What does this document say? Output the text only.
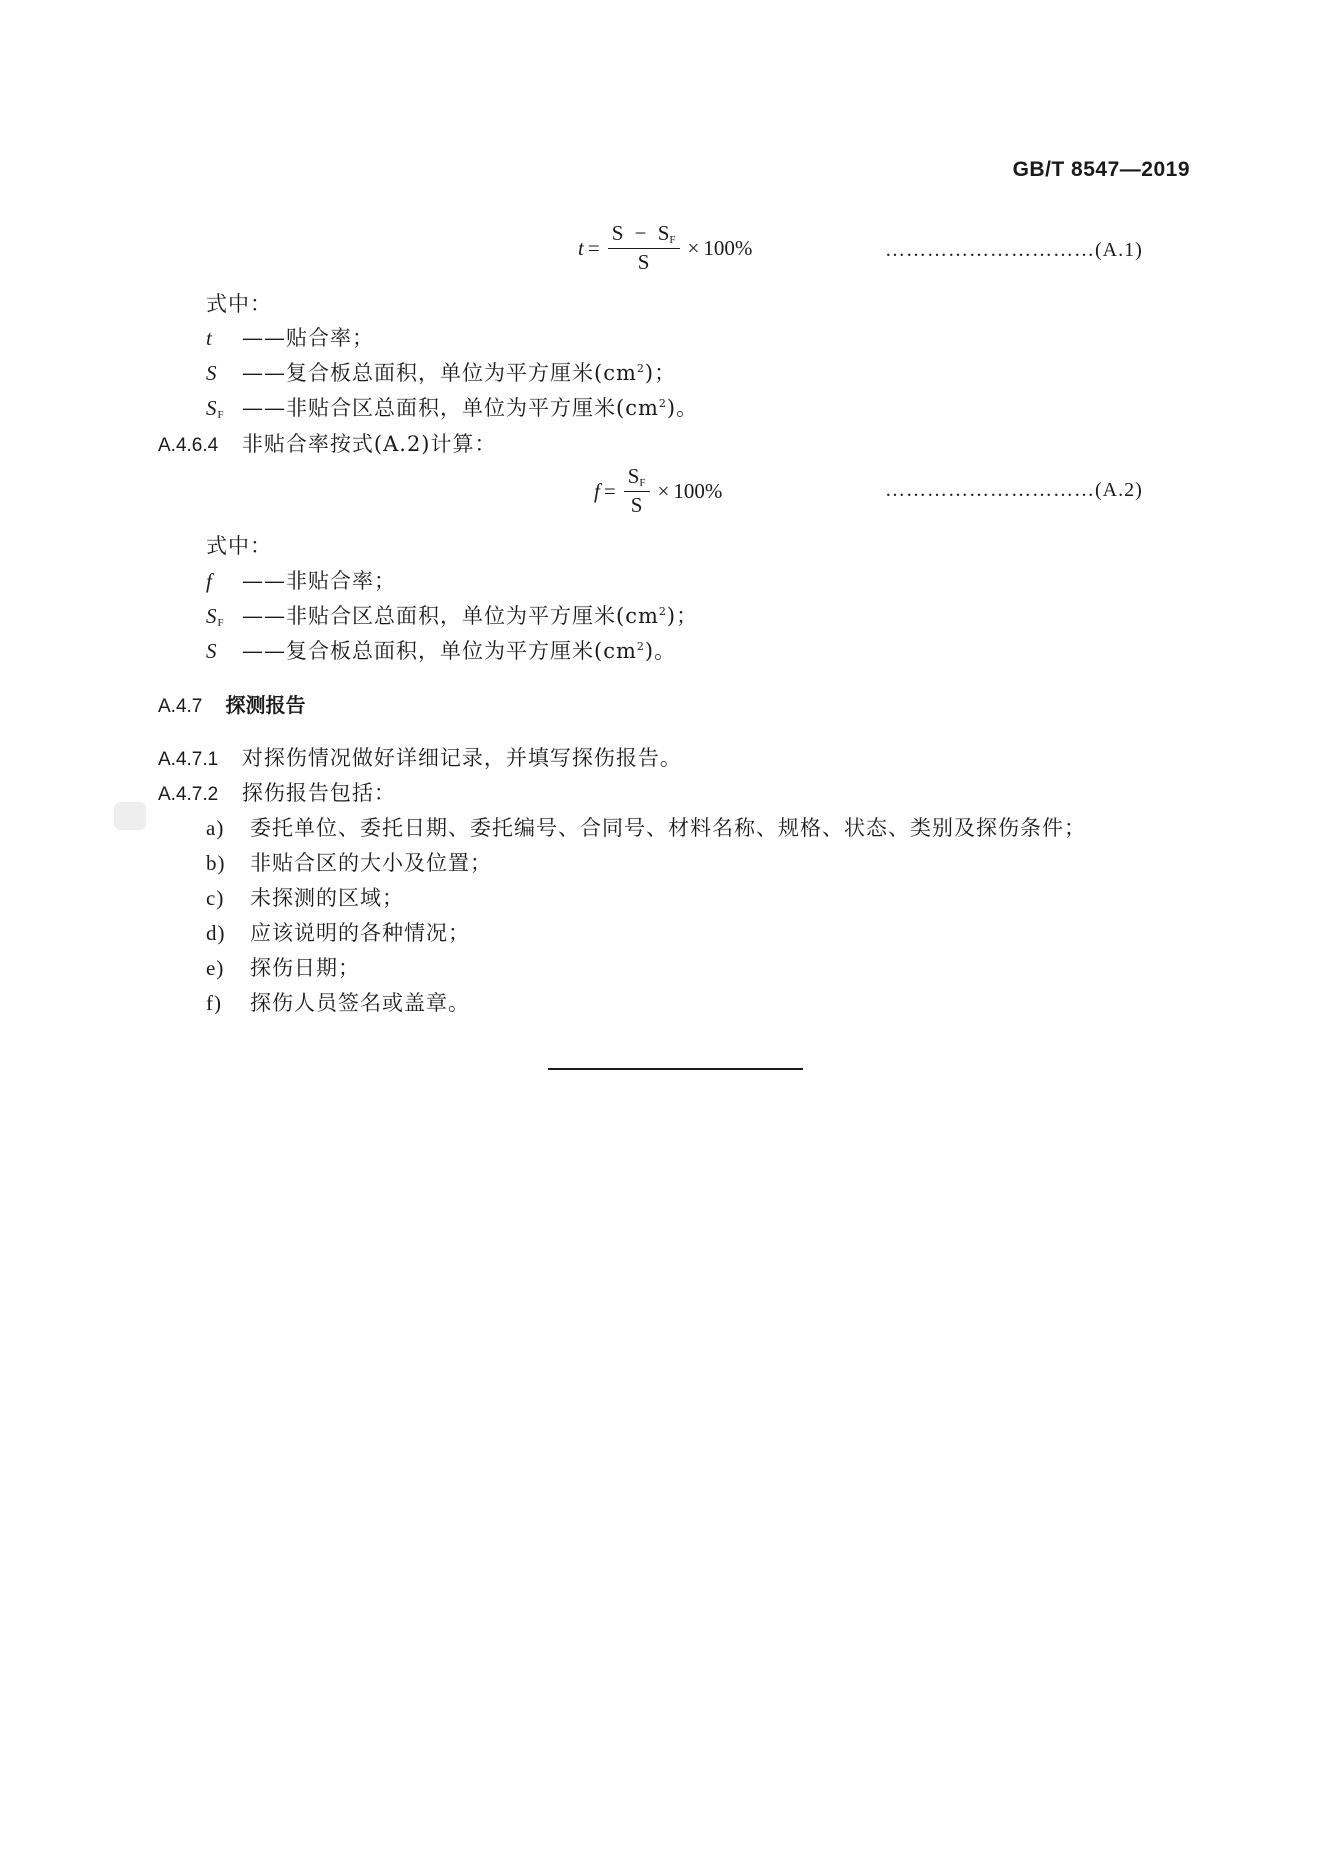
GB/T 8547—2019
$t = \frac{S - S_F}{S} \times 100\%$	…………………………(A.1)
式中：
t ——贴合率；
S ——复合板总面积，单位为平方厘米$(cm^2)$；
$S_F$ ——非贴合区总面积，单位为平方厘米$(cm^2)$。
A.4.6.4 非贴合率按式(A.2)计算：
$f = \frac{S_F}{S} \times 100\%$	…………………………(A.2)
式中：
f ——非贴合率；
$S_F$ ——非贴合区总面积，单位为平方厘米$(cm^2)$；
S ——复合板总面积，单位为平方厘米$(cm^2)$。
A.4.7 探测报告
A.4.7.1 对探伤情况做好详细记录，并填写探伤报告。
A.4.7.2 探伤报告包括：
a) 委托单位、委托日期、委托编号、合同号、材料名称、规格、状态、类别及探伤条件；
b) 非贴合区的大小及位置；
c) 未探测的区域；
d) 应该说明的各种情况；
e) 探伤日期；
f) 探伤人员签名或盖章。
